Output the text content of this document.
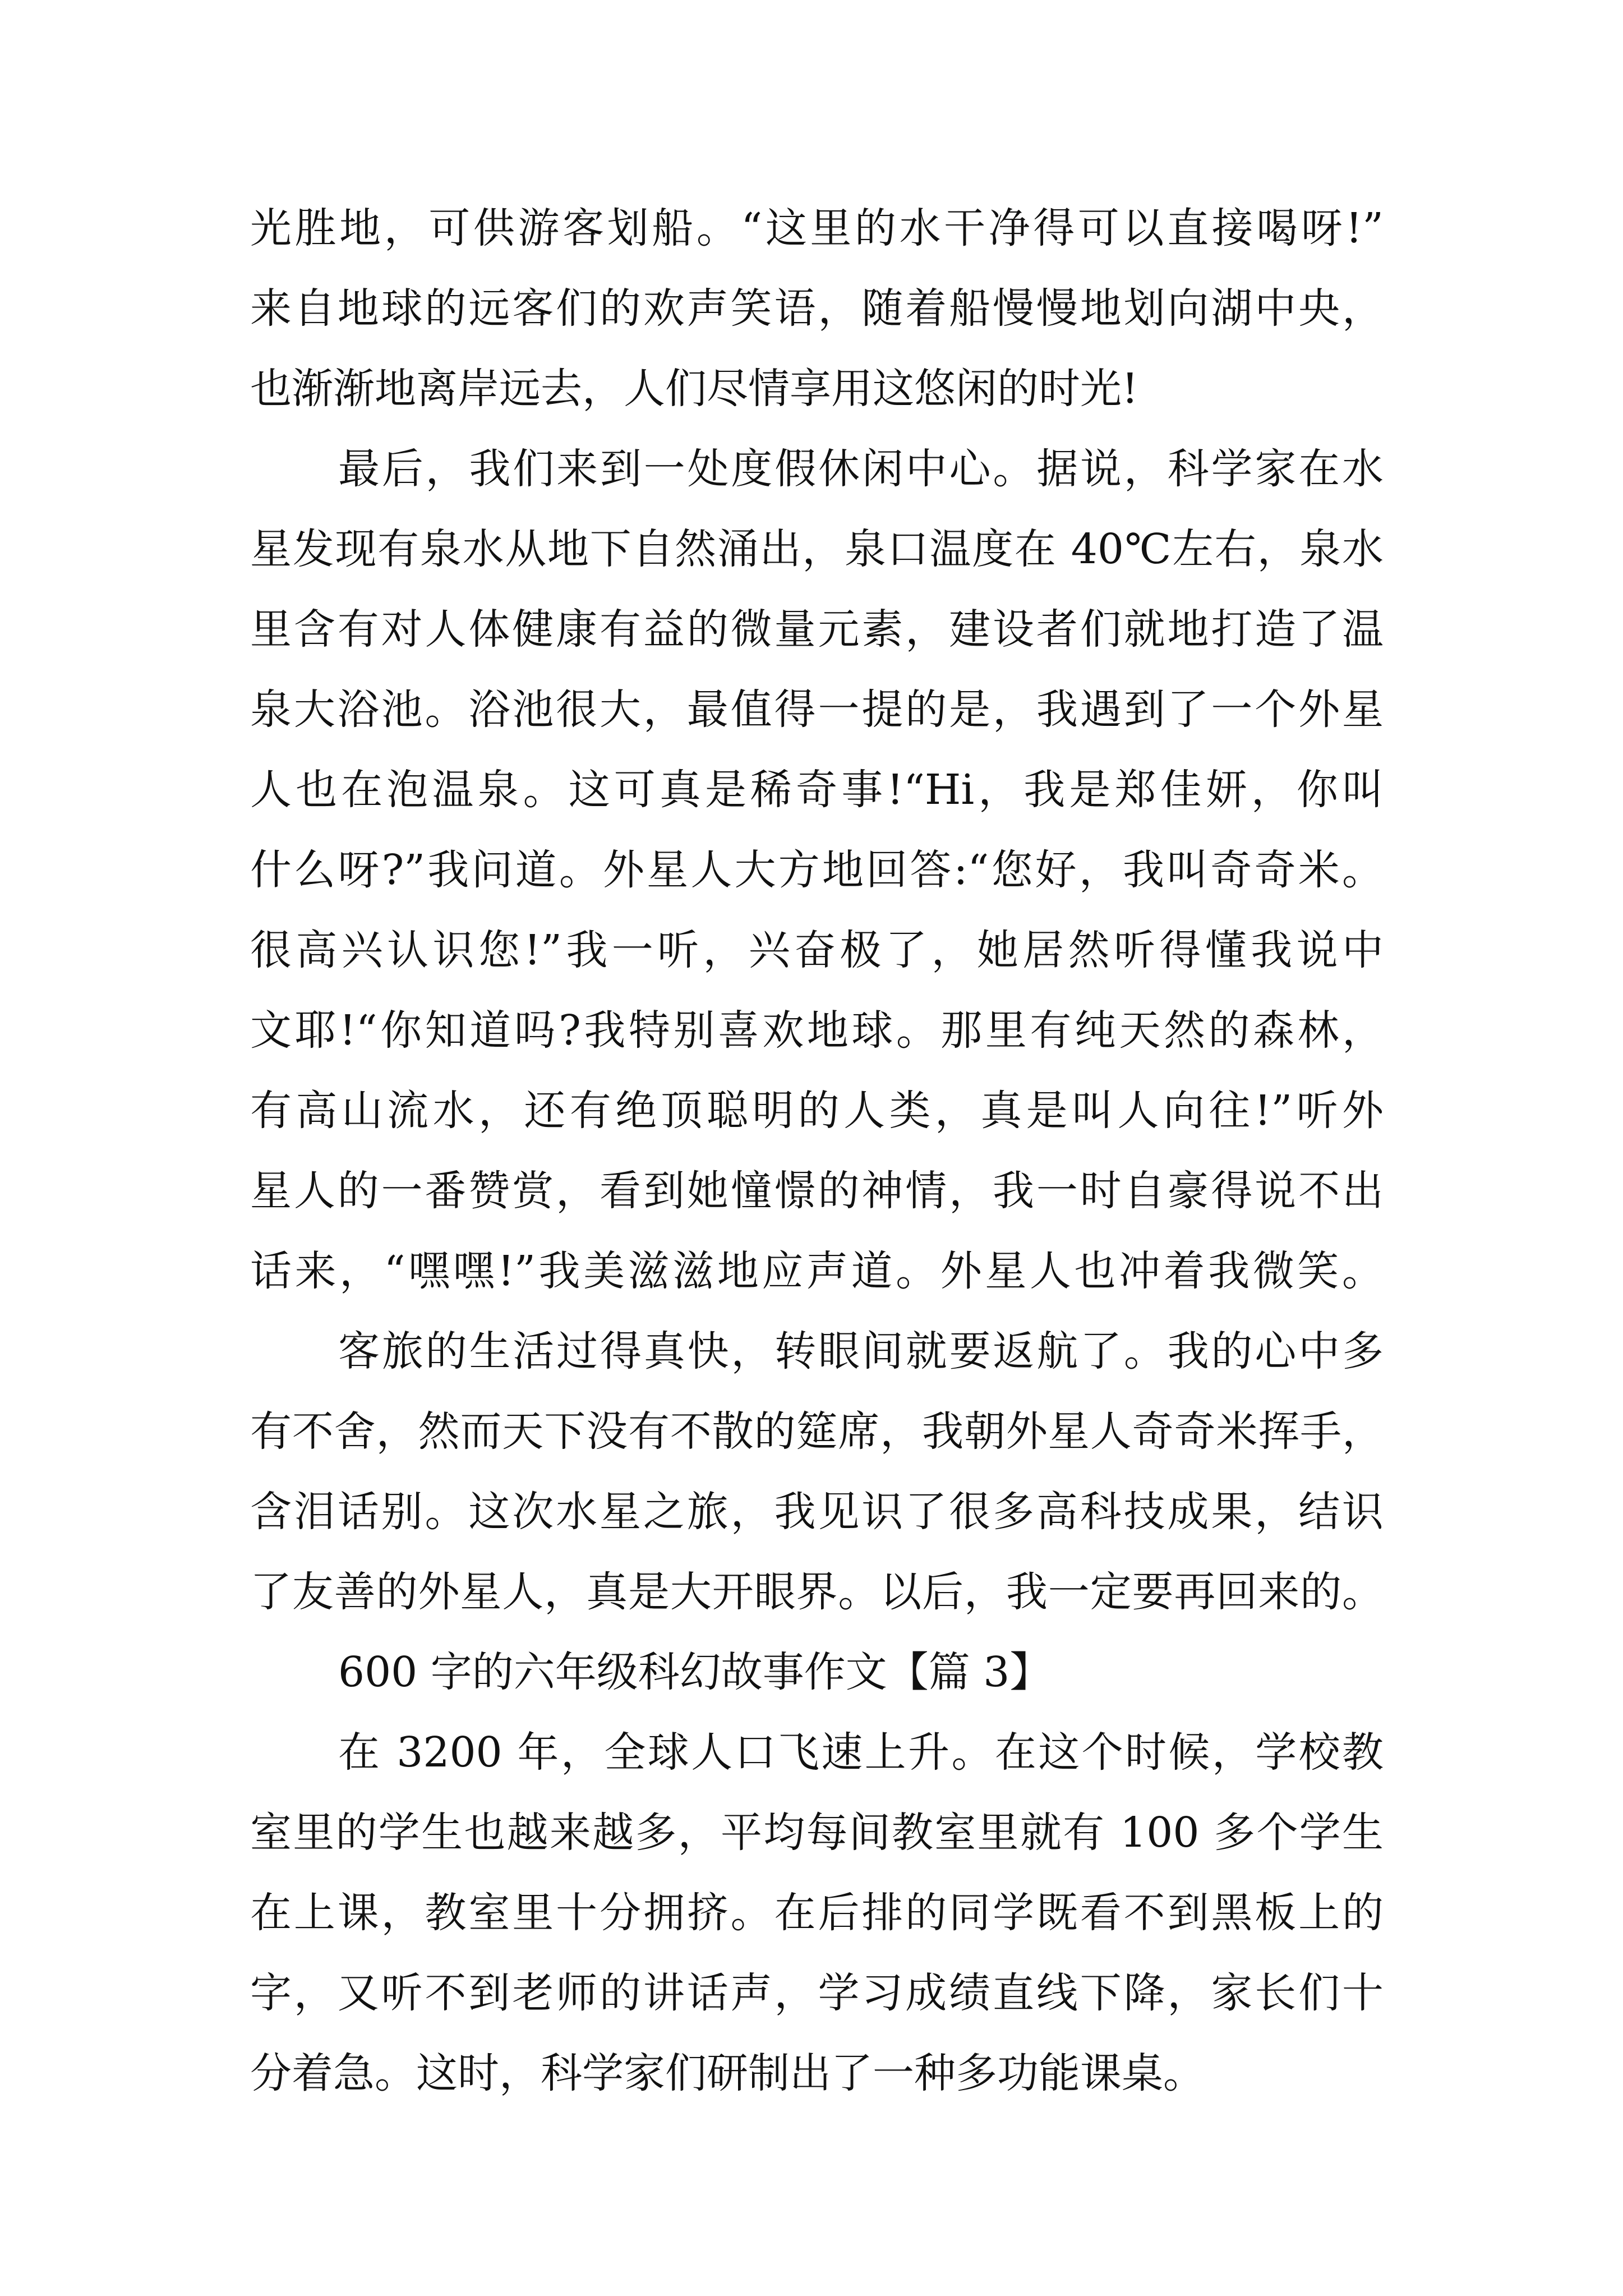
光胜地，可供游客划船。“这里的水干净得可以直接喝呀!”
来自地球的远客们的欢声笑语，随着船慢慢地划向湖中央，
也渐渐地离岸远去，人们尽情享用这悠闲的时光!
最后，我们来到一处度假休闲中心。据说，科学家在水
星发现有泉水从地下自然涌出，泉口温度在 40℃左右，泉水
里含有对人体健康有益的微量元素，建设者们就地打造了温
泉大浴池。浴池很大，最值得一提的是，我遇到了一个外星
人也在泡温泉。这可真是稀奇事!“Hi，我是郑佳妍，你叫
什么呀?”我问道。外星人大方地回答:“您好，我叫奇奇米。
很高兴认识您!”我一听，兴奋极了，她居然听得懂我说中
文耶!“你知道吗?我特别喜欢地球。那里有纯天然的森林，
有高山流水，还有绝顶聪明的人类，真是叫人向往!”听外
星人的一番赞赏，看到她憧憬的神情，我一时自豪得说不出
话来，“嘿嘿!”我美滋滋地应声道。外星人也冲着我微笑。
客旅的生活过得真快，转眼间就要返航了。我的心中多
有不舍，然而天下没有不散的筵席，我朝外星人奇奇米挥手，
含泪话别。这次水星之旅，我见识了很多高科技成果，结识
了友善的外星人，真是大开眼界。以后，我一定要再回来的。
600 字的六年级科幻故事作文【篇 3】
在 3200 年，全球人口飞速上升。在这个时候，学校教
室里的学生也越来越多，平均每间教室里就有 100 多个学生
在上课，教室里十分拥挤。在后排的同学既看不到黑板上的
字，又听不到老师的讲话声，学习成绩直线下降，家长们十
分着急。这时，科学家们研制出了一种多功能课桌。
